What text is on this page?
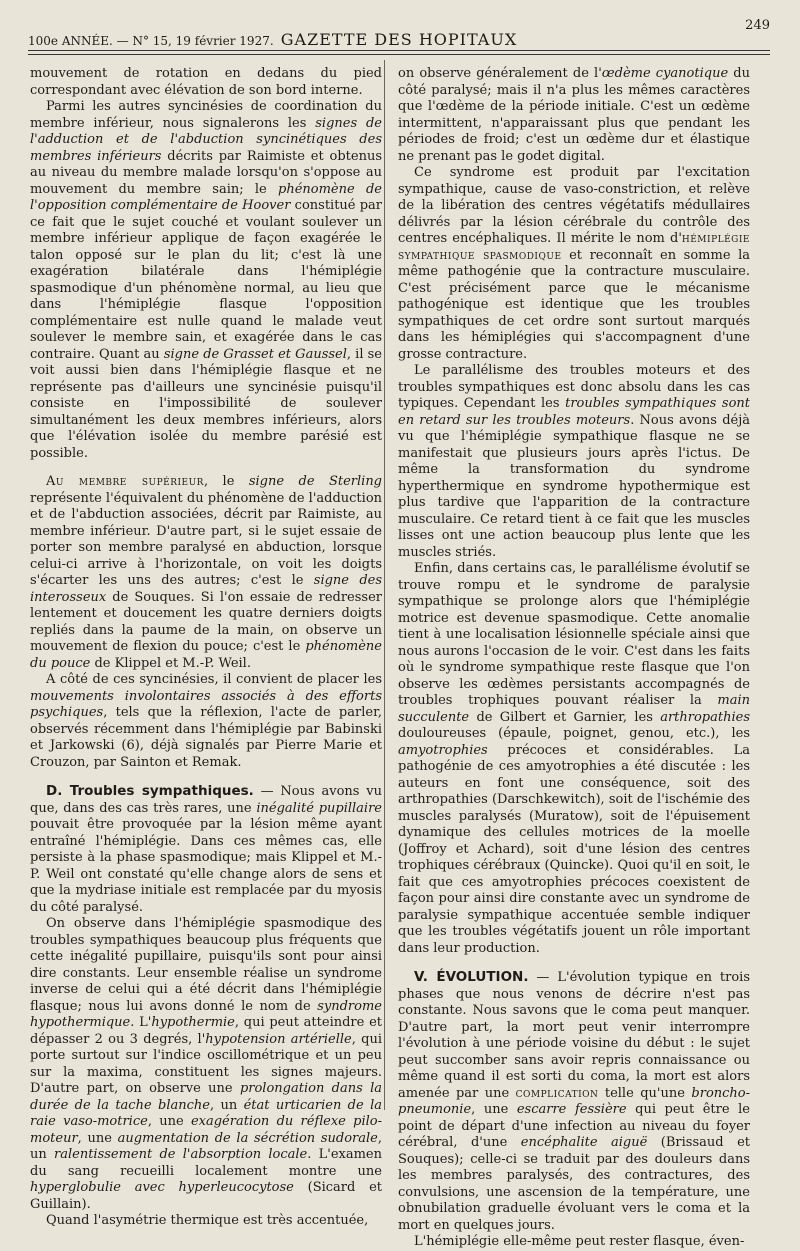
100e ANNÉE. — N° 15, 19 février 1927. GAZETTE DES HOPITAUX
249

mouvement de rotation en dedans du pied correspondant avec élévation de son bord interne.

Parmi les autres syncinésies de coordination du membre inférieur, nous signalerons les signes de l'adduction et de l'abduction syncinétiques des membres inférieurs décrits par Raimiste et obtenus au niveau du membre malade lorsqu'on s'oppose au mouvement du membre sain; le phénomène de l'opposition complémentaire de Hoover constitué par ce fait que le sujet couché et voulant soulever un membre inférieur applique de façon exagérée le talon opposé sur le plan du lit; c'est là une exagération bilatérale dans l'hémiplégie spasmodique d'un phénomène normal, au lieu que dans l'hémiplégie flasque l'opposition complémentaire est nulle quand le malade veut soulever le membre sain, et exagérée dans le cas contraire. Quant au signe de Grasset et Gaussel, il se voit aussi bien dans l'hémiplégie flasque et ne représente pas d'ailleurs une syncinésie puisqu'il consiste en l'impossibilité de soulever simultanément les deux membres inférieurs, alors que l'élévation isolée du membre parésié est possible.

Au membre supérieur, le signe de Sterling représente l'équivalent du phénomène de l'adduction et de l'abduction associées, décrit par Raimiste, au membre inférieur. D'autre part, si le sujet essaie de porter son membre paralysé en abduction, lorsque celui-ci arrive à l'horizontale, on voit les doigts s'écarter les uns des autres; c'est le signe des interosseux de Souques. Si l'on essaie de redresser lentement et doucement les quatre derniers doigts repliés dans la paume de la main, on observe un mouvement de flexion du pouce; c'est le phénomène du pouce de Klippel et M.-P. Weil.

A côté de ces syncinésies, il convient de placer les mouvements involontaires associés à des efforts psychiques, tels que la réflexion, l'acte de parler, observés récemment dans l'hémiplégie par Babinski et Jarkowski (6), déjà signalés par Pierre Marie et Crouzon, par Sainton et Remak.

D. Troubles sympathiques. — Nous avons vu que, dans des cas très rares, une inégalité pupillaire pouvait être provoquée par la lésion même ayant entraîné l'hémiplégie. Dans ces mêmes cas, elle persiste à la phase spasmodique; mais Klippel et M.-P. Weil ont constaté qu'elle change alors de sens et que la mydriase initiale est remplacée par du myosis du côté paralysé.

On observe dans l'hémiplégie spasmodique des troubles sympathiques beaucoup plus fréquents que cette inégalité pupillaire, puisqu'ils sont pour ainsi dire constants. Leur ensemble réalise un syndrome inverse de celui qui a été décrit dans l'hémiplégie flasque; nous lui avons donné le nom de syndrome hypothermique. L'hypothermie, qui peut atteindre et dépasser 2 ou 3 degrés, l'hypotension artérielle, qui porte surtout sur l'indice oscillométrique et un peu sur la maxima, constituent les signes majeurs. D'autre part, on observe une prolongation dans la durée de la tache blanche, un état urticarien de la raie vaso-motrice, une exagération du réflexe pilo-moteur, une augmentation de la sécrétion sudorale, un ralentissement de l'absorption locale. L'examen du sang recueilli localement montre une hyperglobulie avec hyperleucocytose (Sicard et Guillain).

Quand l'asymétrie thermique est très accentuée,

on observe généralement de l'œdème cyanotique du côté paralysé; mais il n'a plus les mêmes caractères que l'œdème de la période initiale. C'est un œdème intermittent, n'apparaissant plus que pendant les périodes de froid; c'est un œdème dur et élastique ne prenant pas le godet digital.

Ce syndrome est produit par l'excitation sympathique, cause de vaso-constriction, et relève de la libération des centres végétatifs médullaires délivrés par la lésion cérébrale du contrôle des centres encéphaliques. Il mérite le nom d'hémiplégie sympathique spasmodique et reconnaît en somme la même pathogénie que la contracture musculaire. C'est précisément parce que le mécanisme pathogénique est identique que les troubles sympathiques de cet ordre sont surtout marqués dans les hémiplégies qui s'accompagnent d'une grosse contracture.

Le parallélisme des troubles moteurs et des troubles sympathiques est donc absolu dans les cas typiques. Cependant les troubles sympathiques sont en retard sur les troubles moteurs. Nous avons déjà vu que l'hémiplégie sympathique flasque ne se manifestait que plusieurs jours après l'ictus. De même la transformation du syndrome hyperthermique en syndrome hypothermique est plus tardive que l'apparition de la contracture musculaire. Ce retard tient à ce fait que les muscles lisses ont une action beaucoup plus lente que les muscles striés.

Enfin, dans certains cas, le parallélisme évolutif se trouve rompu et le syndrome de paralysie sympathique se prolonge alors que l'hémiplégie motrice est devenue spasmodique. Cette anomalie tient à une localisation lésionnelle spéciale ainsi que nous aurons l'occasion de le voir. C'est dans les faits où le syndrome sympathique reste flasque que l'on observe les œdèmes persistants accompagnés de troubles trophiques pouvant réaliser la main succulente de Gilbert et Garnier, les arthropathies douloureuses (épaule, poignet, genou, etc.), les amyotrophies précoces et considérables. La pathogénie de ces amyotrophies a été discutée : les auteurs en font une conséquence, soit des arthropathies (Darschkewitch), soit de l'ischémie des muscles paralysés (Muratow), soit de l'épuisement dynamique des cellules motrices de la moelle (Joffroy et Achard), soit d'une lésion des centres trophiques cérébraux (Quincke). Quoi qu'il en soit, le fait que ces amyotrophies précoces coexistent de façon pour ainsi dire constante avec un syndrome de paralysie sympathique accentuée semble indiquer que les troubles végétatifs jouent un rôle important dans leur production.

V. ÉVOLUTION. — L'évolution typique en trois phases que nous venons de décrire n'est pas constante. Nous savons que le coma peut manquer. D'autre part, la mort peut venir interrompre l'évolution à une période voisine du début : le sujet peut succomber sans avoir repris connaissance ou même quand il est sorti du coma, la mort est alors amenée par une complication telle qu'une broncho-pneumonie, une escarre fessière qui peut être le point de départ d'une infection au niveau du foyer cérébral, d'une encéphalite aiguë (Brissaud et Souques); celle-ci se traduit par des douleurs dans les membres paralysés, des contractures, des convulsions, une ascension de la température, une obnubilation graduelle évoluant vers le coma et la mort en quelques jours.

L'hémiplégie elle-même peut rester flasque, éven-
